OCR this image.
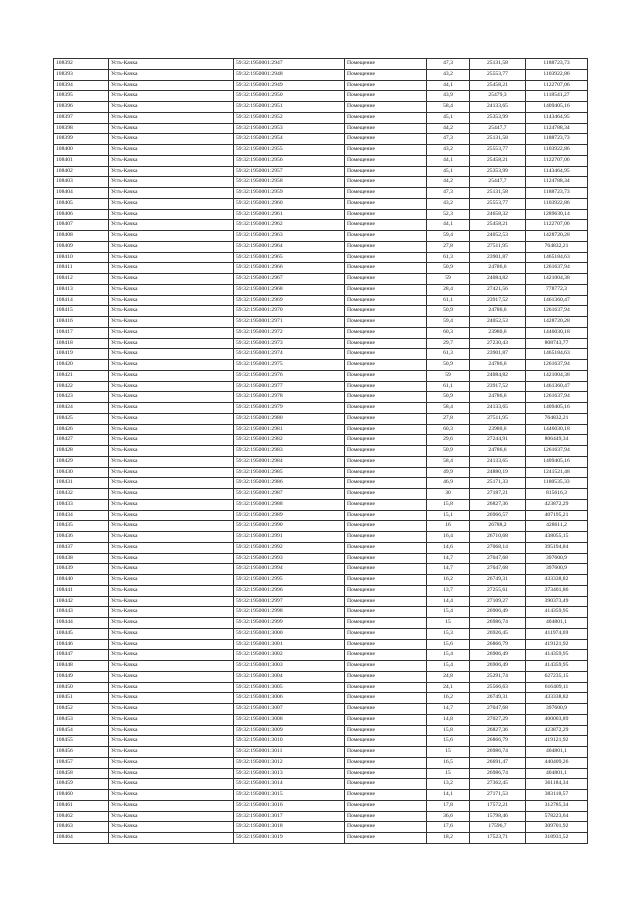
108392	Усть-Качка	59:32:1950001:2947	Помещение	47,3	25131,58	1188723,73
108393	Усть-Качка	59:32:1950001:2948	Помещение	43,2	25553,77	1103922,86
108394	Усть-Качка	59:32:1950001:2949	Помещение	44,1	25458,21	1122707,06
108395	Усть-Качка	59:32:1950001:2950	Помещение	43,9	25479,3	1118541,27
108396	Усть-Качка	59:32:1950001:2951	Помещение	58,4	24133,65	1409405,16
108397	Усть-Качка	59:32:1950001:2952	Помещение	45,1	25353,99	1143464,95
108398	Усть-Качка	59:32:1950001:2953	Помещение	44,2	25447,7	1124788,34
108399	Усть-Качка	59:32:1950001:2954	Помещение	47,3	25131,58	1188723,73
108400	Усть-Качка	59:32:1950001:2955	Помещение	43,2	25553,77	1103922,86
108401	Усть-Качка	59:32:1950001:2956	Помещение	44,1	25458,21	1122707,06
108402	Усть-Качка	59:32:1950001:2957	Помещение	45,1	25353,99	1143464,95
108403	Усть-Качка	59:32:1950001:2958	Помещение	44,2	25447,7	1124788,34
108404	Усть-Качка	59:32:1950001:2959	Помещение	47,3	25131,58	1188723,73
108405	Усть-Качка	59:32:1950001:2960	Помещение	43,2	25553,77	1103922,86
108406	Усть-Качка	59:32:1950001:2961	Помещение	52,3	24658,32	1289630,14
108407	Усть-Качка	59:32:1950001:2962	Помещение	44,1	25458,21	1122707,06
108408	Усть-Качка	59:32:1950001:2963	Помещение	59,4	24052,53	1428720,28
108409	Усть-Качка	59:32:1950001:2964	Помещение	27,8	27511,95	764832,21
108410	Усть-Качка	59:32:1950001:2965	Помещение	61,3	23901,87	1465184,63
108411	Усть-Качка	59:32:1950001:2966	Помещение	50,9	24786,6	1261637,94
108412	Усть-Качка	59:32:1950001:2967	Помещение	59	24084,82	1421004,38
108413	Усть-Качка	59:32:1950001:2968	Помещение	28,4	27421,56	778772,3
108414	Усть-Качка	59:32:1950001:2969	Помещение	61,1	23917,52	1461360,47
108415	Усть-Качка	59:32:1950001:2970	Помещение	50,9	24786,6	1261637,94
108416	Усть-Качка	59:32:1950001:2971	Помещение	59,4	24052,53	1428720,28
108417	Усть-Качка	59:32:1950001:2972	Помещение	60,3	23980,6	1446030,18
108418	Усть-Качка	59:32:1950001:2973	Помещение	29,7	27230,43	808743,77
108419	Усть-Качка	59:32:1950001:2974	Помещение	61,3	23901,87	1465184,63
108420	Усть-Качка	59:32:1950001:2975	Помещение	50,9	24786,6	1261637,94
108421	Усть-Качка	59:32:1950001:2976	Помещение	59	24084,82	1421004,38
108422	Усть-Качка	59:32:1950001:2977	Помещение	61,1	23917,52	1461360,47
108423	Усть-Качка	59:32:1950001:2978	Помещение	50,9	24786,6	1261637,94
108424	Усть-Качка	59:32:1950001:2979	Помещение	58,4	24133,65	1409405,16
108425	Усть-Качка	59:32:1950001:2980	Помещение	27,8	27511,95	764832,21
108426	Усть-Качка	59:32:1950001:2981	Помещение	60,3	23980,6	1446030,18
108427	Усть-Качка	59:32:1950001:2982	Помещение	29,6	27244,91	806449,34
108428	Усть-Качка	59:32:1950001:2983	Помещение	50,9	24786,6	1261637,94
108429	Усть-Качка	59:32:1950001:2984	Помещение	58,4	24133,65	1409405,16
108430	Усть-Качка	59:32:1950001:2985	Помещение	49,9	24880,19	1241521,48
108431	Усть-Качка	59:32:1950001:2986	Помещение	46,9	25171,33	1180535,33
108432	Усть-Качка	59:32:1950001:2987	Помещение	30	27187,21	815616,3
108433	Усть-Качка	59:32:1950001:2988	Помещение	15,8	26827,36	423872,29
108434	Усть-Качка	59:32:1950001:2989	Помещение	15,1	26966,57	407195,21
108435	Усть-Качка	59:32:1950001:2990	Помещение	16	26788,2	428611,2
108436	Усть-Качка	59:32:1950001:2991	Помещение	16,4	26710,68	438055,15
108437	Усть-Качка	59:32:1950001:2992	Помещение	14,6	27068,14	395194,84
108438	Усть-Качка	59:32:1950001:2993	Помещение	14,7	27047,68	397600,9
108439	Усть-Качка	59:32:1950001:2994	Помещение	14,7	27047,68	397600,9
108440	Усть-Качка	59:32:1950001:2995	Помещение	16,2	26749,31	433338,82
108441	Усть-Качка	59:32:1950001:2996	Помещение	13,7	27255,61	373401,86
108442	Усть-Качка	59:32:1950001:2997	Помещение	14,4	27109,27	390373,49
108443	Усть-Качка	59:32:1950001:2998	Помещение	15,4	26906,49	414359,95
108444	Усть-Качка	59:32:1950001:2999	Помещение	15	26986,74	404801,1
108445	Усть-Качка	59:32:1950001:3000	Помещение	15,3	26926,45	411974,69
108446	Усть-Качка	59:32:1950001:3001	Помещение	15,6	26866,79	419121,92
108447	Усть-Качка	59:32:1950001:3002	Помещение	15,4	26906,49	414359,95
108448	Усть-Качка	59:32:1950001:3003	Помещение	15,4	26906,49	414359,95
108449	Усть-Качка	59:32:1950001:3004	Помещение	24,8	25291,74	627235,15
108450	Усть-Качка	59:32:1950001:3005	Помещение	24,1	25566,63	616409,11
108451	Усть-Качка	59:32:1950001:3006	Помещение	16,2	26749,31	433338,82
108452	Усть-Качка	59:32:1950001:3007	Помещение	14,7	27047,68	397600,9
108453	Усть-Качка	59:32:1950001:3008	Помещение	14,8	27027,29	400003,89
108454	Усть-Качка	59:32:1950001:3009	Помещение	15,8	26827,36	423872,29
108455	Усть-Качка	59:32:1950001:3010	Помещение	15,6	26866,79	419121,92
108456	Усть-Качка	59:32:1950001:3011	Помещение	15	26986,74	404801,1
108457	Усть-Качка	59:32:1950001:3012	Помещение	16,5	26691,47	440409,26
108458	Усть-Качка	59:32:1950001:3013	Помещение	15	26986,74	404801,1
108459	Усть-Качка	59:32:1950001:3014	Помещение	13,2	27362,45	361184,34
108460	Усть-Качка	59:32:1950001:3015	Помещение	14,1	27171,53	383118,57
108461	Усть-Качка	59:32:1950001:3016	Помещение	17,8	17572,21	312785,34
108462	Усть-Качка	59:32:1950001:3017	Помещение	36,6	15798,46	578223,64
108463	Усть-Качка	59:32:1950001:3018	Помещение	17,6	17596,7	309701,92
108464	Усть-Качка	59:32:1950001:3019	Помещение	18,2	17523,71	318931,52
